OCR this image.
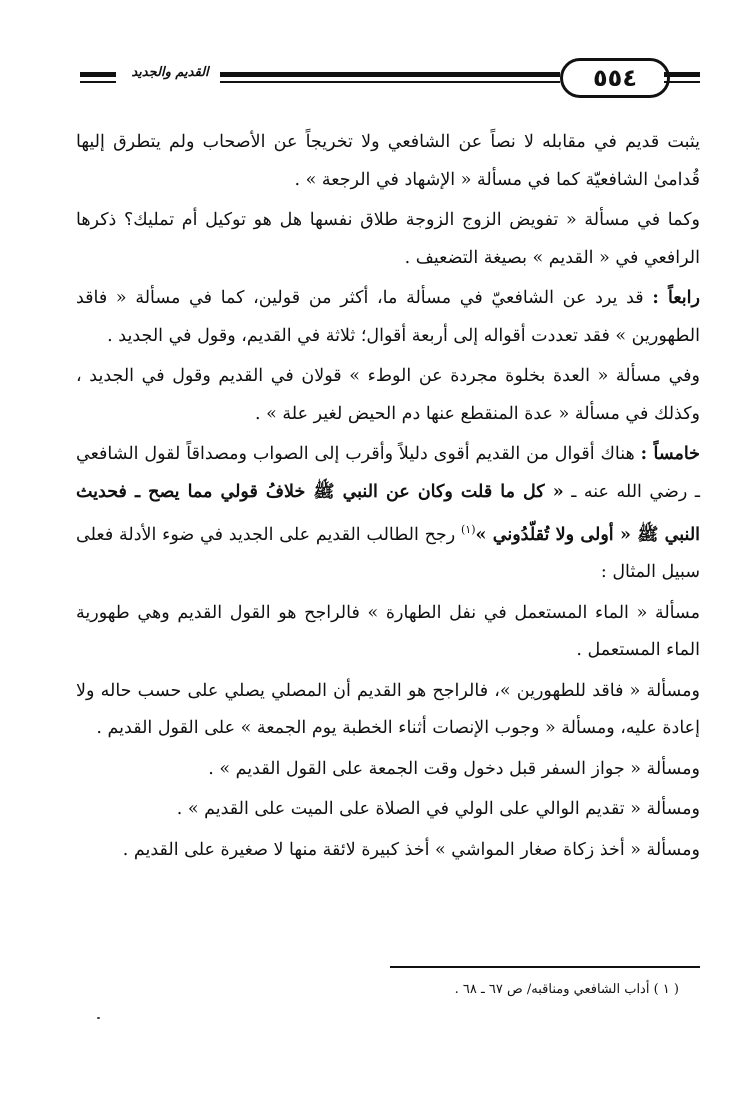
القديم والجديد	٥٥٤

يثبت قديم في مقابله لا نصاً عن الشافعي ولا تخريجاً عن الأصحاب ولم يتطرق إليها قُدامىٰ الشافعيّة كما في مسألة « الإشهاد في الرجعة » .

وكما في مسألة « تفويض الزوج الزوجة طلاق نفسها هل هو توكيل أم تمليك؟ ذكرها الرافعي في « القديم » بصيغة التضعيف .

رابعاً : قد يرد عن الشافعيّ في مسألة ما، أكثر من قولين، كما في مسألة « فاقد الطهورين » فقد تعددت أقواله إلى أربعة أقوال؛ ثلاثة في القديم، وقول في الجديد .

وفي مسألة « العدة بخلوة مجردة عن الوطء » قولان في القديم وقول في الجديد ، وكذلك في مسألة « عدة المنقطع عنها دم الحيض لغير علة » .

خامساً : هناك أقوال من القديم أقوى دليلاً وأقرب إلى الصواب ومصداقاً لقول الشافعي ـ رضي الله عنه ـ « كل ما قلت وكان عن النبي ﷺ خلافُ قولي مما يصح ـ فحديث النبي ﷺ « أولى ولا تُقلّدُوني »$^{(١)}$ رجح الطالب القديم على الجديد في ضوء الأدلة فعلى سبيل المثال :

مسألة « الماء المستعمل في نفل الطهارة » فالراجح هو القول القديم وهي طهورية الماء المستعمل .

ومسألة « فاقد للطهورين »، فالراجح هو القديم أن المصلي يصلي على حسب حاله ولا إعادة عليه، ومسألة « وجوب الإنصات أثناء الخطبة يوم الجمعة » على القول القديم .

ومسألة « جواز السفر قبل دخول وقت الجمعة على القول القديم » .

ومسألة « تقديم الوالي على الولي في الصلاة على الميت على القديم » .

ومسألة « أخذ زكاة صغار المواشي » أخذ كبيرة لائقة منها لا صغيرة على القديم .

( ١ ) أداب الشافعي ومناقبه/ ص ٦٧ ـ ٦٨ .
